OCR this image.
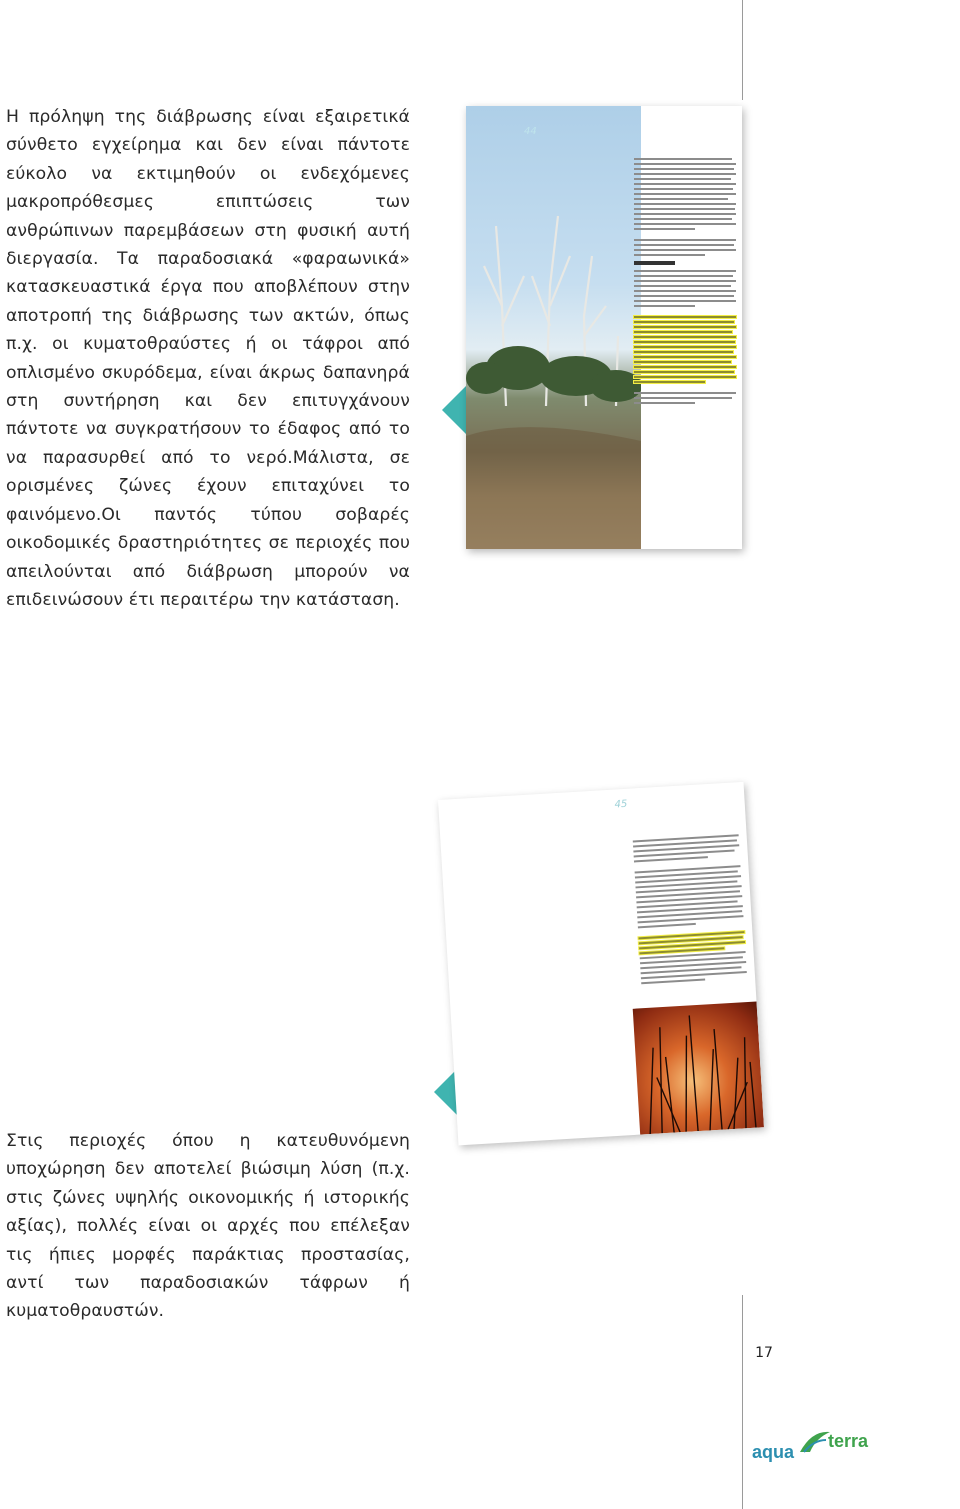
Η πρόληψη της διάβρωσης είναι εξαιρετικά σύνθετο εγχείρημα και δεν είναι πάντοτε εύκολο να εκτιμηθούν οι ενδεχόμενες μακροπρόθεσμες επιπτώσεις των ανθρώπινων παρεμβάσεων στη φυσική αυτή διεργασία. Τα παραδοσιακά «φαραωνικά» κατασκευαστικά έργα που αποβλέπουν στην αποτροπή της διάβρωσης των ακτών, όπως π.χ. οι κυματοθραύστες ή οι τάφροι από οπλισμένο σκυρόδεμα, είναι άκρως δαπανηρά στη συντήρηση και δεν επιτυγχάνουν πάντοτε να συγκρατήσουν το έδαφος από το να παρασυρθεί από το νερό.Μάλιστα, σε ορισμένες ζώνες έχουν επιταχύνει το φαινόμενο.Οι παντός τύπου σοβαρές οικοδομικές δραστηριότητες σε περιοχές που απειλούνται από διάβρωση μπορούν να επιδεινώσουν έτι περαιτέρω την κατάσταση.

44
45

Στις περιοχές όπου η κατευθυνόμενη υποχώρηση δεν αποτελεί βιώσιμη λύση (π.χ. στις ζώνες υψηλής οικονομικής ή ιστορικής αξίας), πολλές είναι οι αρχές που επέλεξαν τις ήπιες μορφές παράκτιας προστασίας, αντί των παραδοσιακών τάφρων ή κυματοθραυστών.

17
aqua
terra
